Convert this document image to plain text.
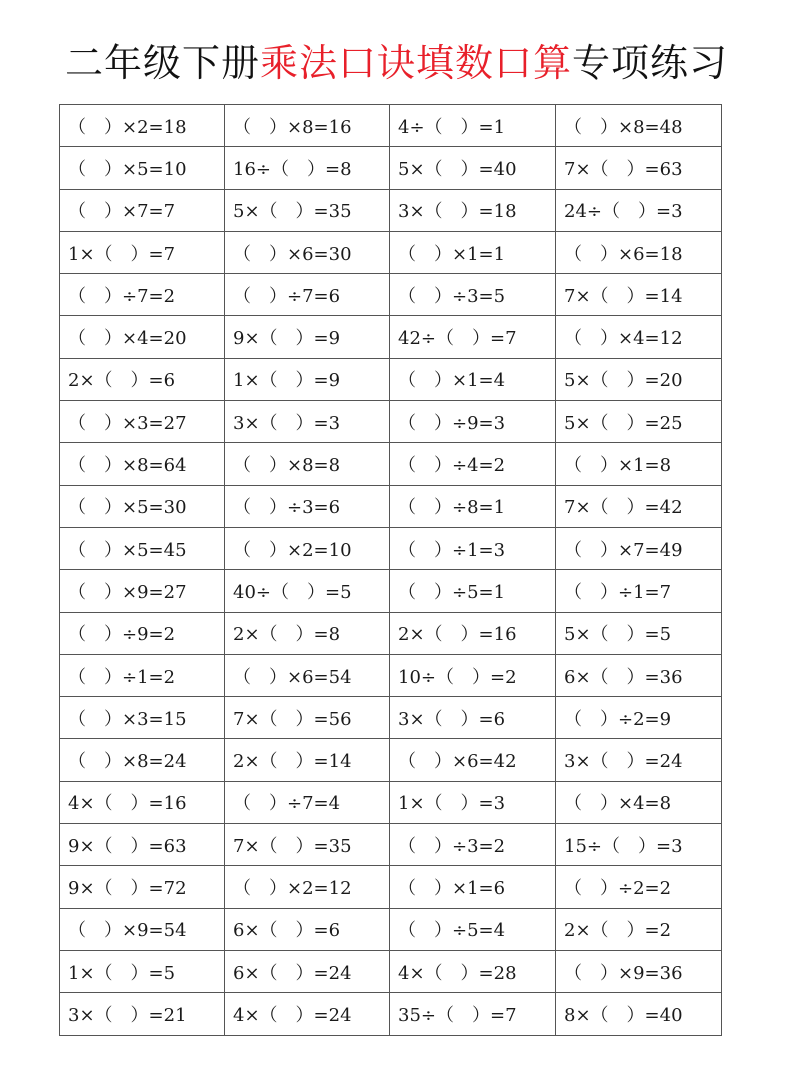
二年级下册乘法口诀填数口算专项练习
（　）×2=18	（　）×8=16	4÷（　）=1	（　）×8=48
（　）×5=10	16÷（　）=8	5×（　）=40	7×（　）=63
（　）×7=7	5×（　）=35	3×（　）=18	24÷（　）=3
1×（　）=7	（　）×6=30	（　）×1=1	（　）×6=18
（　）÷7=2	（　）÷7=6	（　）÷3=5	7×（　）=14
（　）×4=20	9×（　）=9	42÷（　）=7	（　）×4=12
2×（　）=6	1×（　）=9	（　）×1=4	5×（　）=20
（　）×3=27	3×（　）=3	（　）÷9=3	5×（　）=25
（　）×8=64	（　）×8=8	（　）÷4=2	（　）×1=8
（　）×5=30	（　）÷3=6	（　）÷8=1	7×（　）=42
（　）×5=45	（　）×2=10	（　）÷1=3	（　）×7=49
（　）×9=27	40÷（　）=5	（　）÷5=1	（　）÷1=7
（　）÷9=2	2×（　）=8	2×（　）=16	5×（　）=5
（　）÷1=2	（　）×6=54	10÷（　）=2	6×（　）=36
（　）×3=15	7×（　）=56	3×（　）=6	（　）÷2=9
（　）×8=24	2×（　）=14	（　）×6=42	3×（　）=24
4×（　）=16	（　）÷7=4	1×（　）=3	（　）×4=8
9×（　）=63	7×（　）=35	（　）÷3=2	15÷（　）=3
9×（　）=72	（　）×2=12	（　）×1=6	（　）÷2=2
（　）×9=54	6×（　）=6	（　）÷5=4	2×（　）=2
1×（　）=5	6×（　）=24	4×（　）=28	（　）×9=36
3×（　）=21	4×（　）=24	35÷（　）=7	8×（　）=40
